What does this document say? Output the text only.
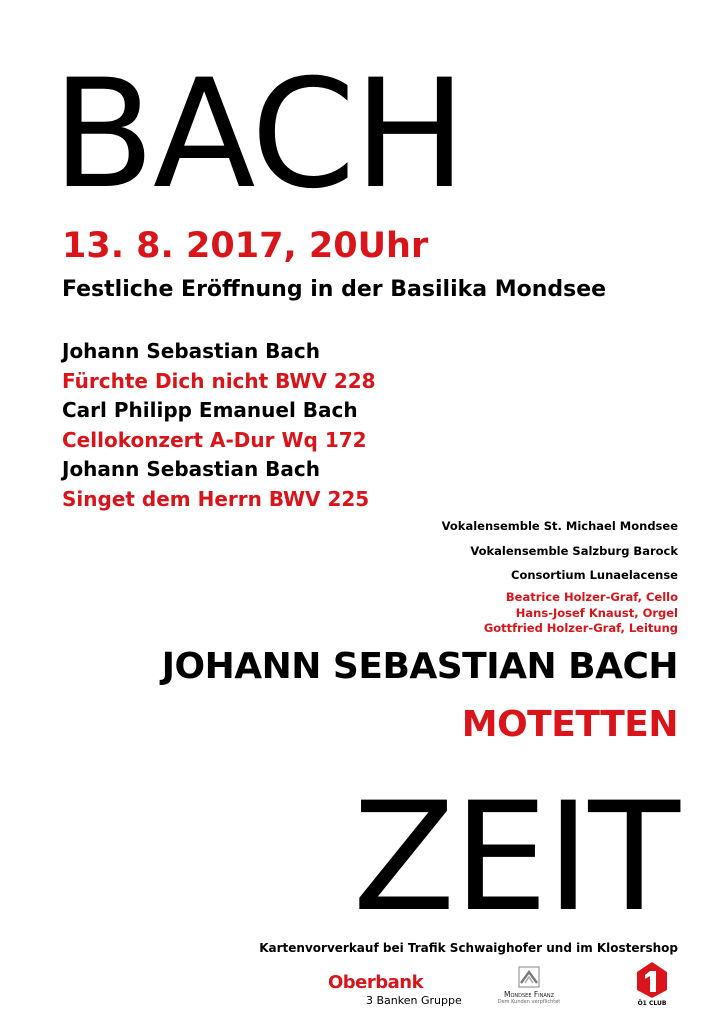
BACH
13. 8. 2017, 20Uhr
Festliche Eröffnung in der Basilika Mondsee
Johann Sebastian Bach
Fürchte Dich nicht BWV 228
Carl Philipp Emanuel Bach
Cellokonzert A-Dur Wq 172
Johann Sebastian Bach
Singet dem Herrn BWV 225
Vokalensemble St. Michael Mondsee
Vokalensemble Salzburg Barock
Consortium Lunaelacense
Beatrice Holzer-Graf, Cello
Hans-Josef Knaust, Orgel
Gottfried Holzer-Graf, Leitung
JOHANN SEBASTIAN BACH
MOTETTEN
ZEIT
Kartenvorverkauf bei Trafik Schwaighofer und im Klostershop
Oberbank
3 Banken Gruppe	Mondsee Finanz
Dem Kunden verpflichtet	Ö1 CLUB
